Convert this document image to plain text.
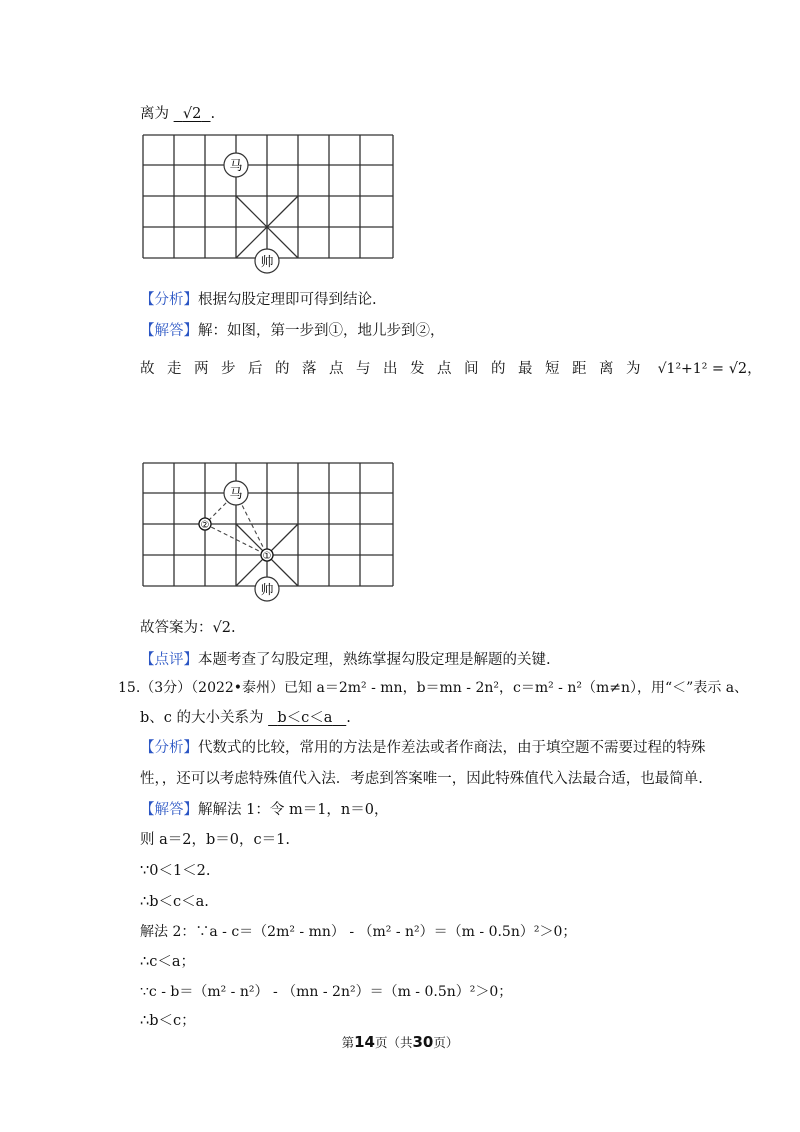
离为 √2 .
马
帅
【分析】根据勾股定理即可得到结论.
【解答】解：如图，第一步到①，地儿步到②，
故走两步后的落点与出发点间的最短距离为 √1²+1² = √2，
马
帅
②
①
故答案为：√2.
【点评】本题考查了勾股定理，熟练掌握勾股定理是解题的关键.
15.（3分）（2022•泰州）已知 a＝2m² - mn，b＝mn - 2n²，c＝m² - n²（m≠n），用“＜”表示 a、
b、c 的大小关系为 b＜c＜a .
【分析】代数式的比较，常用的方法是作差法或者作商法，由于填空题不需要过程的特殊
性，，还可以考虑特殊值代入法．考虑到答案唯一，因此特殊值代入法最合适，也最简单.
【解答】解解法 1：令 m＝1，n＝0，
则 a＝2，b＝0，c＝1.
∵0＜1＜2.
∴b＜c＜a.
解法 2：∵a - c＝（2m² - mn） - （m² - n²）＝（m - 0.5n）²＞0；
∴c＜a；
∵c - b＝（m² - n²） - （mn - 2n²）＝（m - 0.5n）²＞0；
∴b＜c；
第14页（共30页）
